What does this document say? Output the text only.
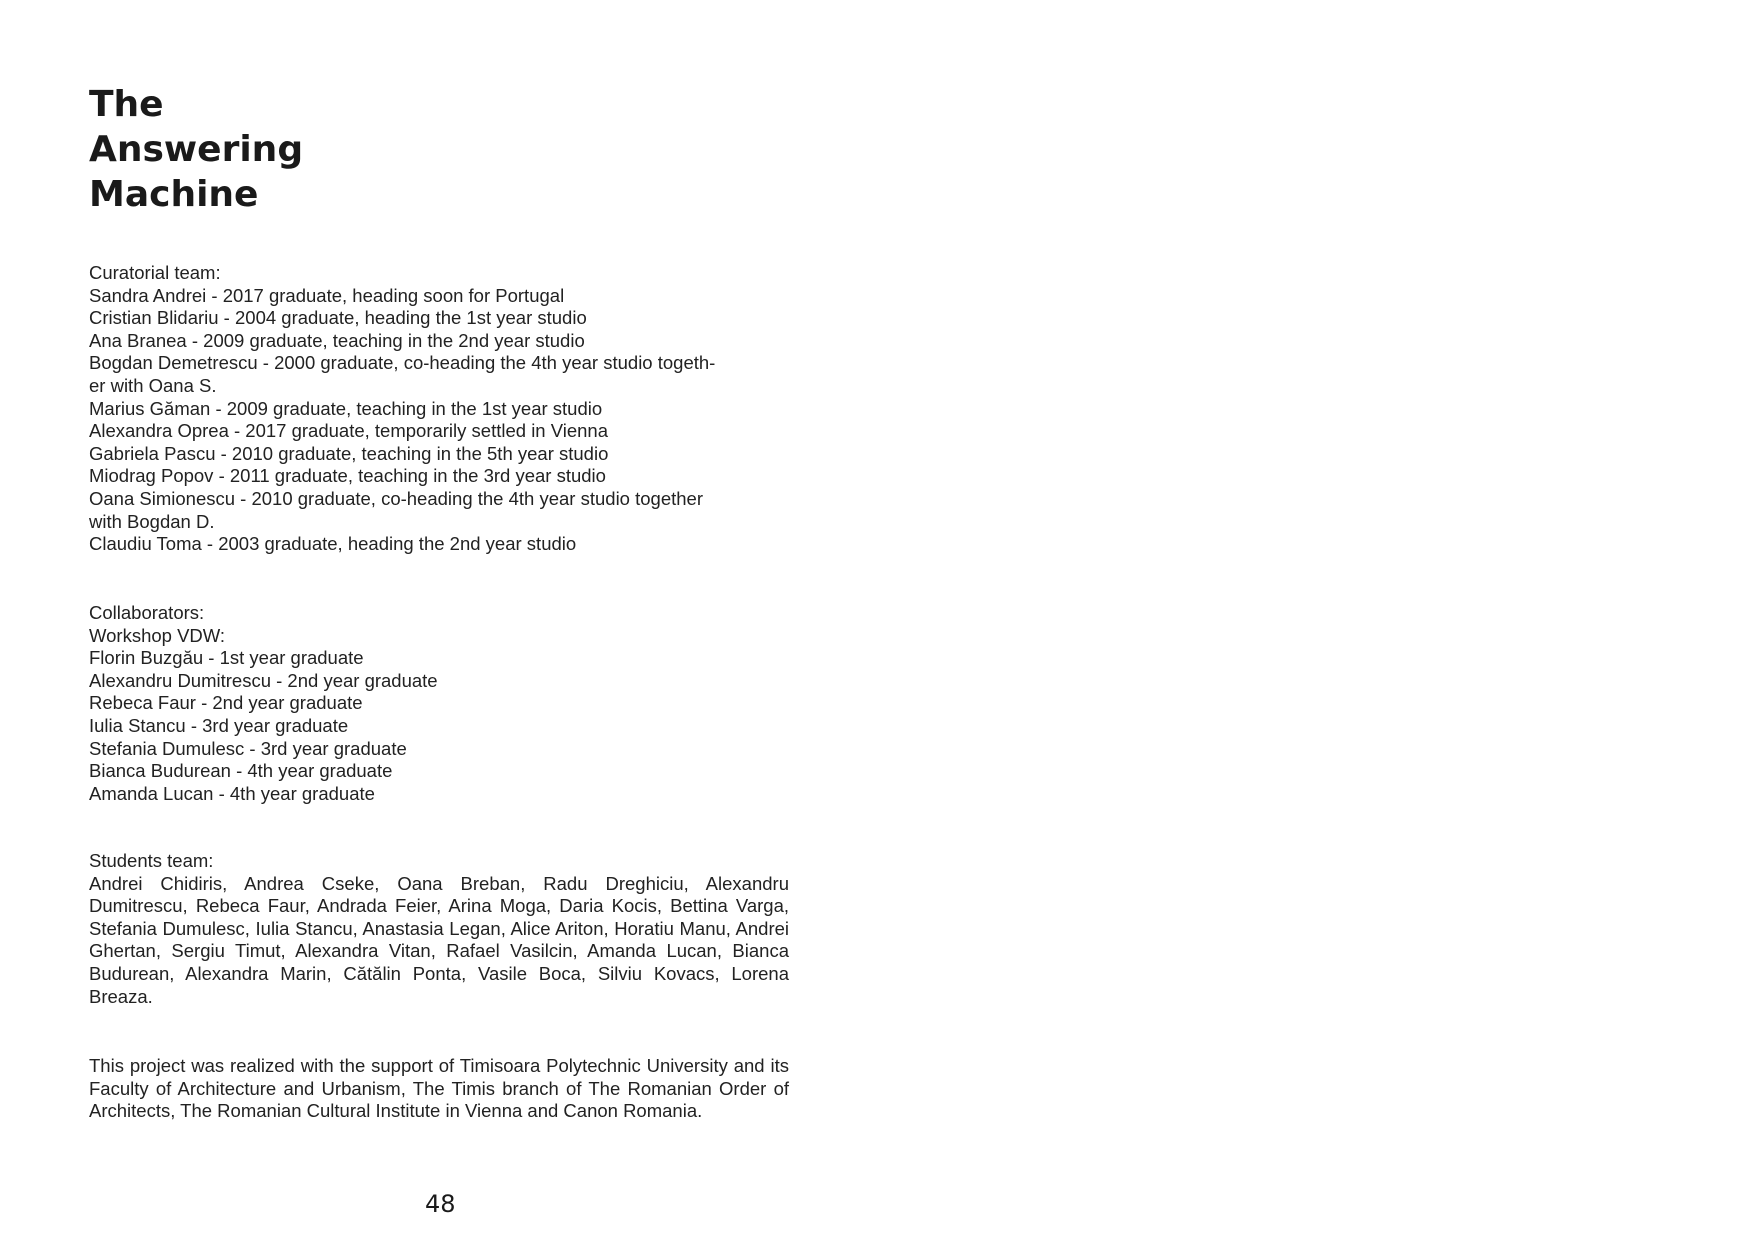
The
Answering
Machine
Curatorial team:
Sandra Andrei - 2017 graduate, heading soon for Portugal
Cristian Blidariu - 2004 graduate, heading the 1st year studio
Ana Branea - 2009 graduate, teaching in the 2nd year studio
Bogdan Demetrescu - 2000 graduate, co-heading the 4th year studio togeth-
er with Oana S.
Marius Găman - 2009 graduate, teaching in the 1st year studio
Alexandra Oprea - 2017 graduate, temporarily settled in Vienna
Gabriela Pascu - 2010 graduate, teaching in the 5th year studio
Miodrag Popov - 2011 graduate, teaching in the 3rd year studio
Oana Simionescu - 2010 graduate, co-heading the 4th year studio together
with Bogdan D.
Claudiu Toma - 2003 graduate, heading the 2nd year studio
Collaborators:
Workshop VDW:
Florin Buzgău - 1st year graduate
Alexandru Dumitrescu - 2nd year graduate
Rebeca Faur - 2nd year graduate
Iulia Stancu - 3rd year graduate
Stefania Dumulesc - 3rd year graduate
Bianca Budurean - 4th year graduate
Amanda Lucan - 4th year graduate
Students team:
Andrei Chidiris, Andrea Cseke, Oana Breban, Radu Dreghiciu, Alexandru Dumitrescu, Rebeca Faur, Andrada Feier, Arina Moga, Daria Kocis, Bettina Varga, Stefania Dumulesc, Iulia Stancu, Anastasia Legan, Alice Ariton, Horatiu Manu, Andrei Ghertan, Sergiu Timut, Alexandra Vitan, Rafael Vasilcin, Amanda Lucan, Bianca Budurean, Alexandra Marin, Cătălin Ponta, Vasile Boca, Silviu Kovacs, Lorena Breaza.
This project was realized with the support of Timisoara Polytechnic University and its Faculty of Architecture and Urbanism, The Timis branch of The Romanian Order of Architects, The Romanian Cultural Institute in Vienna and Canon Romania.
48
